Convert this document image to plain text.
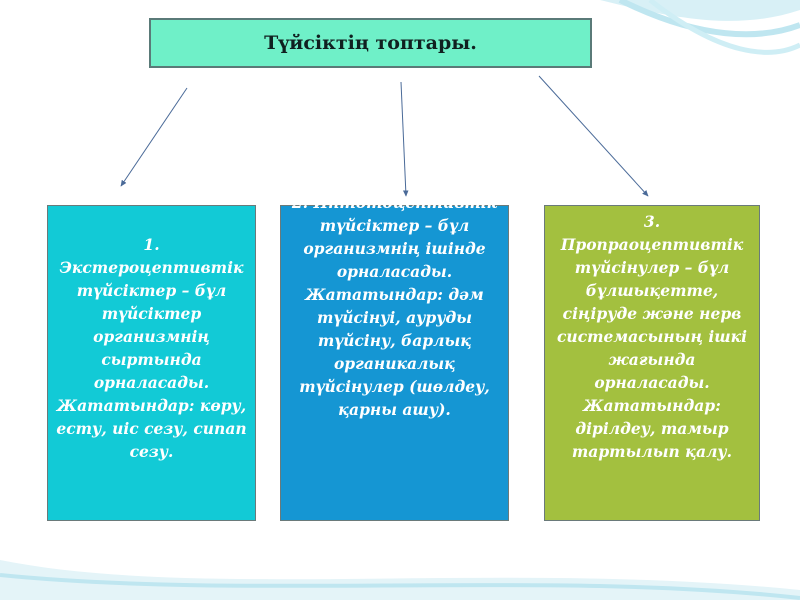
Түйсіктің топтары.
1. Экстероцептивтік түйсіктер – бұл түйсіктер организмнің сыртында орналасады. Жататындар: көру, есту, иіс сезу, сипап сезу.
2. Интотоцептивтік түйсіктер – бұл организмнің ішінде орналасады. Жататындар: дәм түйсінуі, ауруды түйсіну, барлық органикалық түйсінулер (шөлдеу, қарны ашу).
3. Пропраоцептивтік түйсінулер – бұл бұлшықетте, сіңіруде және нерв системасының ішкі жағында орналасады. Жататындар: дірілдеу, тамыр тартылып қалу.
